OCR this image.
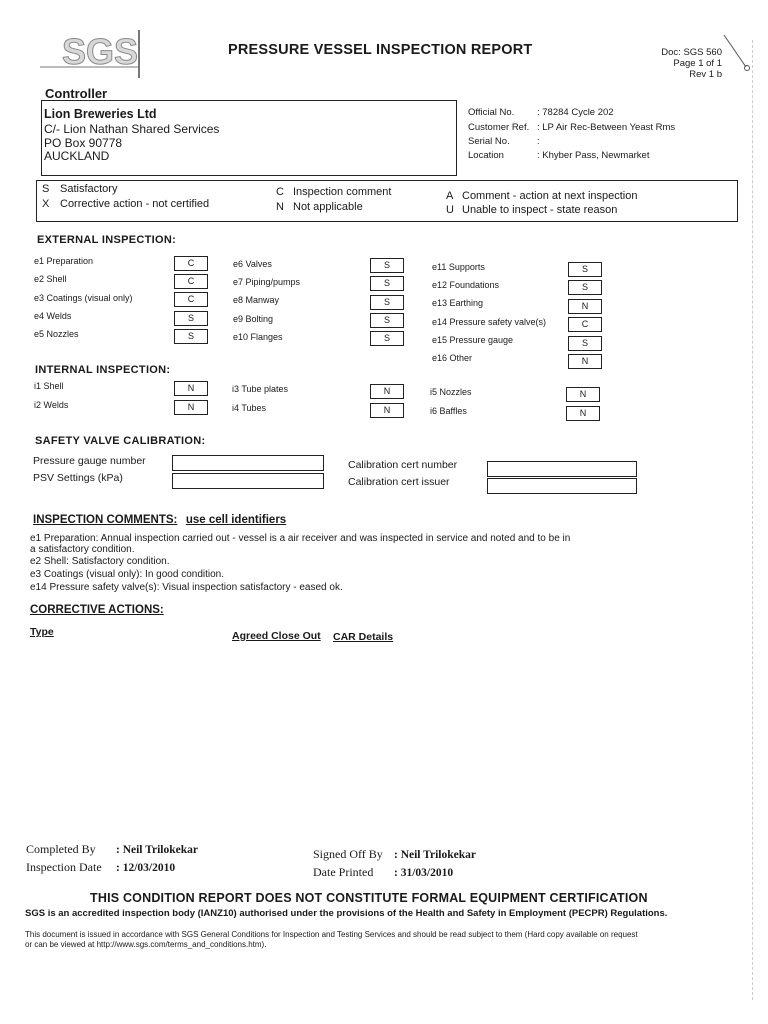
SGS	PRESSURE VESSEL INSPECTION REPORT	Doc: SGS 560
Page 1 of 1
Rev 1 b
Controller
Lion Breweries Ltd
C/- Lion Nathan Shared Services
PO Box 90778
AUCKLAND
Official No. : 78284 Cycle 202
Customer Ref. : LP Air Rec-Between Yeast Rms
Serial No.	:
Location	: Khyber Pass, Newmarket
S Satisfactory
X Corrective action - not certified
C Inspection comment
N Not applicable
A Comment - action at next inspection
U Unable to inspect - state reason
EXTERNAL INSPECTION:
e1 Preparation	C
e2 Shell	C
e3 Coatings (visual only)	C
e4 Welds	S
e5 Nozzles	S
e6 Valves	S
e7 Piping/pumps	S
e8 Manway	S
e9 Bolting	S
e10 Flanges	S
e11 Supports	S
e12 Foundations	S
e13 Earthing	N
e14 Pressure safety valve(s)	C
e15 Pressure gauge	S
e16 Other	N
INTERNAL INSPECTION:
i1 Shell	N
i2 Welds	N
i3 Tube plates	N
i4 Tubes	N
i5 Nozzles	N
i6 Baffles	N
SAFETY VALVE CALIBRATION:
Pressure gauge number
PSV Settings (kPa)
Calibration cert number
Calibration cert issuer
INSPECTION COMMENTS: use cell identifiers
e1 Preparation: Annual inspection carried out - vessel is a air receiver and was inspected in service and noted and to be in
a satisfactory condition.
e2 Shell: Satisfactory condition.
e3 Coatings (visual only): In good condition.
e14 Pressure safety valve(s): Visual inspection satisfactory - eased ok.
CORRECTIVE ACTIONS:
Type	Agreed Close Out CAR Details
Completed By : Neil Trilokekar
Inspection Date : 12/03/2010
Signed Off By : Neil Trilokekar
Date Printed : 31/03/2010
THIS CONDITION REPORT DOES NOT CONSTITUTE FORMAL EQUIPMENT CERTIFICATION
SGS is an accredited inspection body (IANZ10) authorised under the provisions of the Health and Safety in Employment (PECPR) Regulations.
This document is issued in accordance with SGS General Conditions for Inspection and Testing Services and should be read subject to them (Hard copy available on request
or can be viewed at http://www.sgs.com/terms_and_conditions.htm).
